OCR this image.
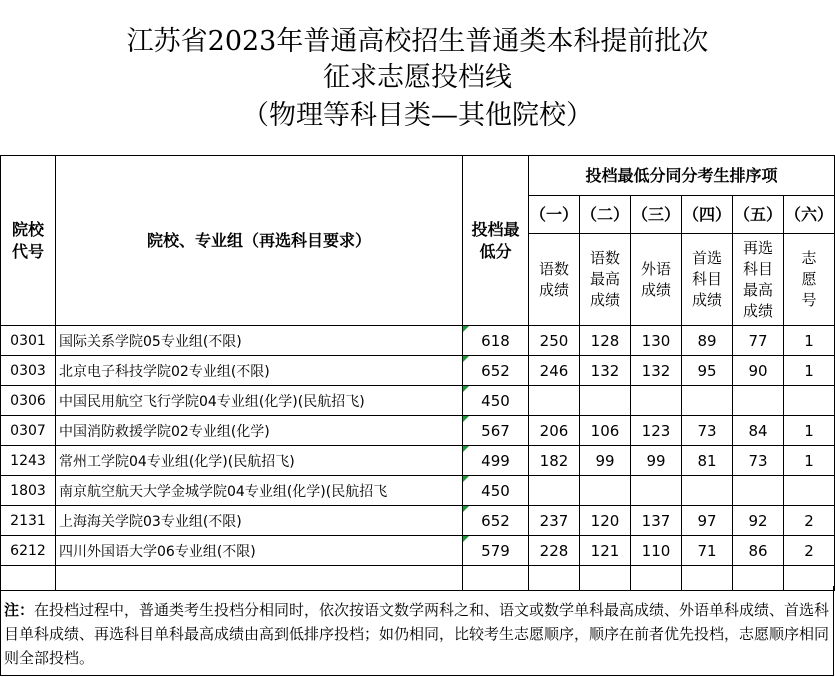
江苏省2023年普通高校招生普通类本科提前批次
征求志愿投档线
（物理等科目类—其他院校）
院校代号	院校、专业组（再选科目要求）	投档最低分	投档最低分同分考生排序项					
			（一）	（二）	（三）	（四）	（五）	（六）

			语数成绩	语数最高成绩	外语成绩	首选科目成绩	再选科目最高成绩	志愿号

0301	国际关系学院05专业组(不限)	618	250	128	130	89	77	1
0303	北京电子科技学院02专业组(不限)	652	246	132	132	95	90	1
0306	中国民用航空飞行学院04专业组(化学)(民航招飞)	450						
0307	中国消防救援学院02专业组(化学)	567	206	106	123	73	84	1
1243	常州工学院04专业组(化学)(民航招飞)	499	182	99	99	81	73	1
1803	南京航空航天大学金城学院04专业组(化学)(民航招飞	450						
2131	上海海关学院03专业组(不限)	652	237	120	137	97	92	2
6212	四川外国语大学06专业组(不限)	579	228	121	110	71	86	2

注：在投档过程中，普通类考生投档分相同时，依次按语文数学两科之和、语文或数学单科最高成绩、外语单科成绩、首选科目单科成绩、再选科目单科最高成绩由高到低排序投档；如仍相同，比较考生志愿顺序，顺序在前者优先投档，志愿顺序相同则全部投档。
